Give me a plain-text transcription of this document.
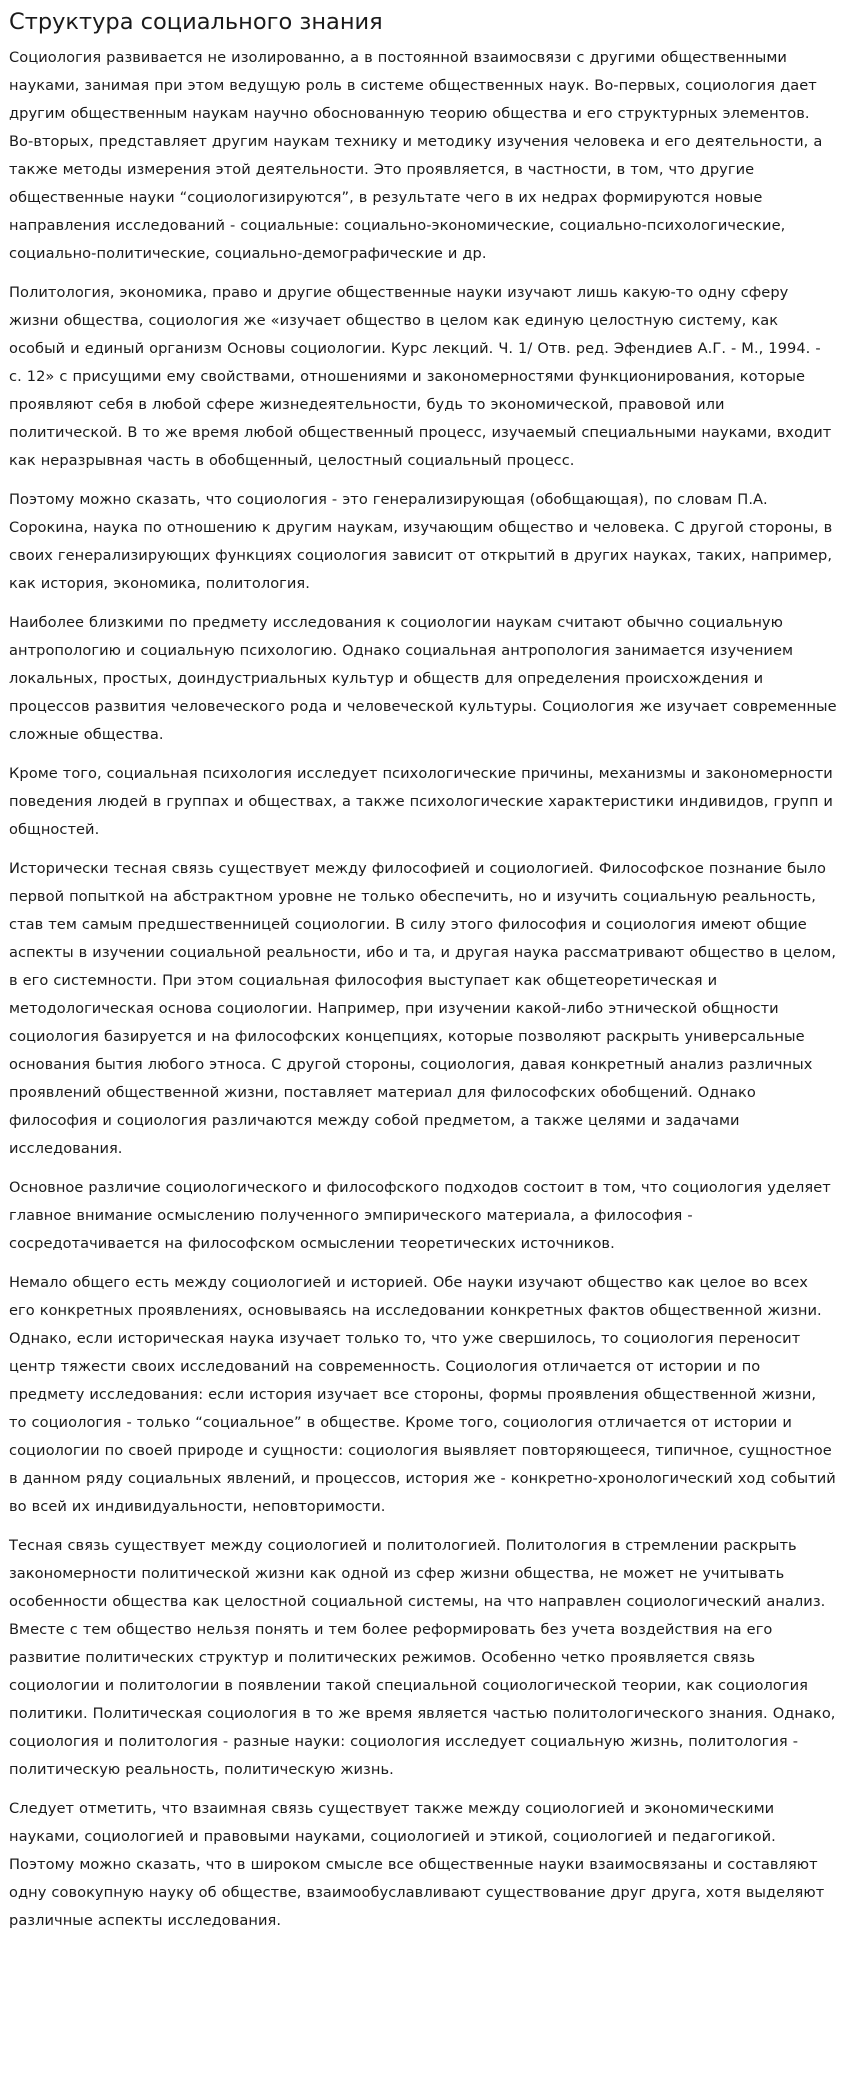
Структура социального знания

Социология развивается не изолированно, а в постоянной взаимосвязи с другими общественными науками, занимая при этом ведущую роль в системе общественных наук. Во-первых, социология дает другим общественным наукам научно обоснованную теорию общества и его структурных элементов. Во-вторых, представляет другим наукам технику и методику изучения человека и его деятельности, а также методы измерения этой деятельности. Это проявляется, в частности, в том, что другие общественные науки “социологизируются”, в результате чего в их недрах формируются новые направления исследований - социальные: социально-экономические, социально-психологические, социально-политические, социально-демографические и др.

Политология, экономика, право и другие общественные науки изучают лишь какую-то одну сферу жизни общества, социология же «изучает общество в целом как единую целостную систему, как особый и единый организм Основы социологии. Курс лекций. Ч. 1/ Отв. ред. Эфендиев А.Г. - М., 1994. - с. 12» с присущими ему свойствами, отношениями и закономерностями функционирования, которые проявляют себя в любой сфере жизнедеятельности, будь то экономической, правовой или политической. В то же время любой общественный процесс, изучаемый специальными науками, входит как неразрывная часть в обобщенный, целостный социальный процесс.

Поэтому можно сказать, что социология - это генерализирующая (обобщающая), по словам П.А. Сорокина, наука по отношению к другим наукам, изучающим общество и человека. С другой стороны, в своих генерализирующих функциях социология зависит от открытий в других науках, таких, например, как история, экономика, политология.

Наиболее близкими по предмету исследования к социологии наукам считают обычно социальную антропологию и социальную психологию. Однако социальная антропология занимается изучением локальных, простых, доиндустриальных культур и обществ для определения происхождения и процессов развития человеческого рода и человеческой культуры. Социология же изучает современные сложные общества.

Кроме того, социальная психология исследует психологические причины, механизмы и закономерности поведения людей в группах и обществах, а также психологические характеристики индивидов, групп и общностей.

Исторически тесная связь существует между философией и социологией. Философское познание было первой попыткой на абстрактном уровне не только обеспечить, но и изучить социальную реальность, став тем самым предшественницей социологии. В силу этого философия и социология имеют общие аспекты в изучении социальной реальности, ибо и та, и другая наука рассматривают общество в целом, в его системности. При этом социальная философия выступает как общетеоретическая и методологическая основа социологии. Например, при изучении какой-либо этнической общности социология базируется и на философских концепциях, которые позволяют раскрыть универсальные основания бытия любого этноса. С другой стороны, социология, давая конкретный анализ различных проявлений общественной жизни, поставляет материал для философских обобщений. Однако философия и социология различаются между собой предметом, а также целями и задачами исследования.

Основное различие социологического и философского подходов состоит в том, что социология уделяет главное внимание осмыслению полученного эмпирического материала, а философия - сосредотачивается на философском осмыслении теоретических источников.

Немало общего есть между социологией и историей. Обе науки изучают общество как целое во всех его конкретных проявлениях, основываясь на исследовании конкретных фактов общественной жизни. Однако, если историческая наука изучает только то, что уже свершилось, то социология переносит центр тяжести своих исследований на современность. Социология отличается от истории и по предмету исследования: если история изучает все стороны, формы проявления общественной жизни, то социология - только “социальное” в обществе. Кроме того, социология отличается от истории и социологии по своей природе и сущности: социология выявляет повторяющееся, типичное, сущностное в данном ряду социальных явлений, и процессов, история же - конкретно-хронологический ход событий во всей их индивидуальности, неповторимости.

Тесная связь существует между социологией и политологией. Политология в стремлении раскрыть закономерности политической жизни как одной из сфер жизни общества, не может не учитывать особенности общества как целостной социальной системы, на что направлен социологический анализ. Вместе с тем общество нельзя понять и тем более реформировать без учета воздействия на его развитие политических структур и политических режимов. Особенно четко проявляется связь социологии и политологии в появлении такой специальной социологической теории, как социология политики. Политическая социология в то же время является частью политологического знания. Однако, социология и политология - разные науки: социология исследует социальную жизнь, политология - политическую реальность, политическую жизнь.

Следует отметить, что взаимная связь существует также между социологией и экономическими науками, социологией и правовыми науками, социологией и этикой, социологией и педагогикой. Поэтому можно сказать, что в широком смысле все общественные науки взаимосвязаны и составляют одну совокупную науку об обществе, взаимообуславливают существование друг друга, хотя выделяют различные аспекты исследования.
